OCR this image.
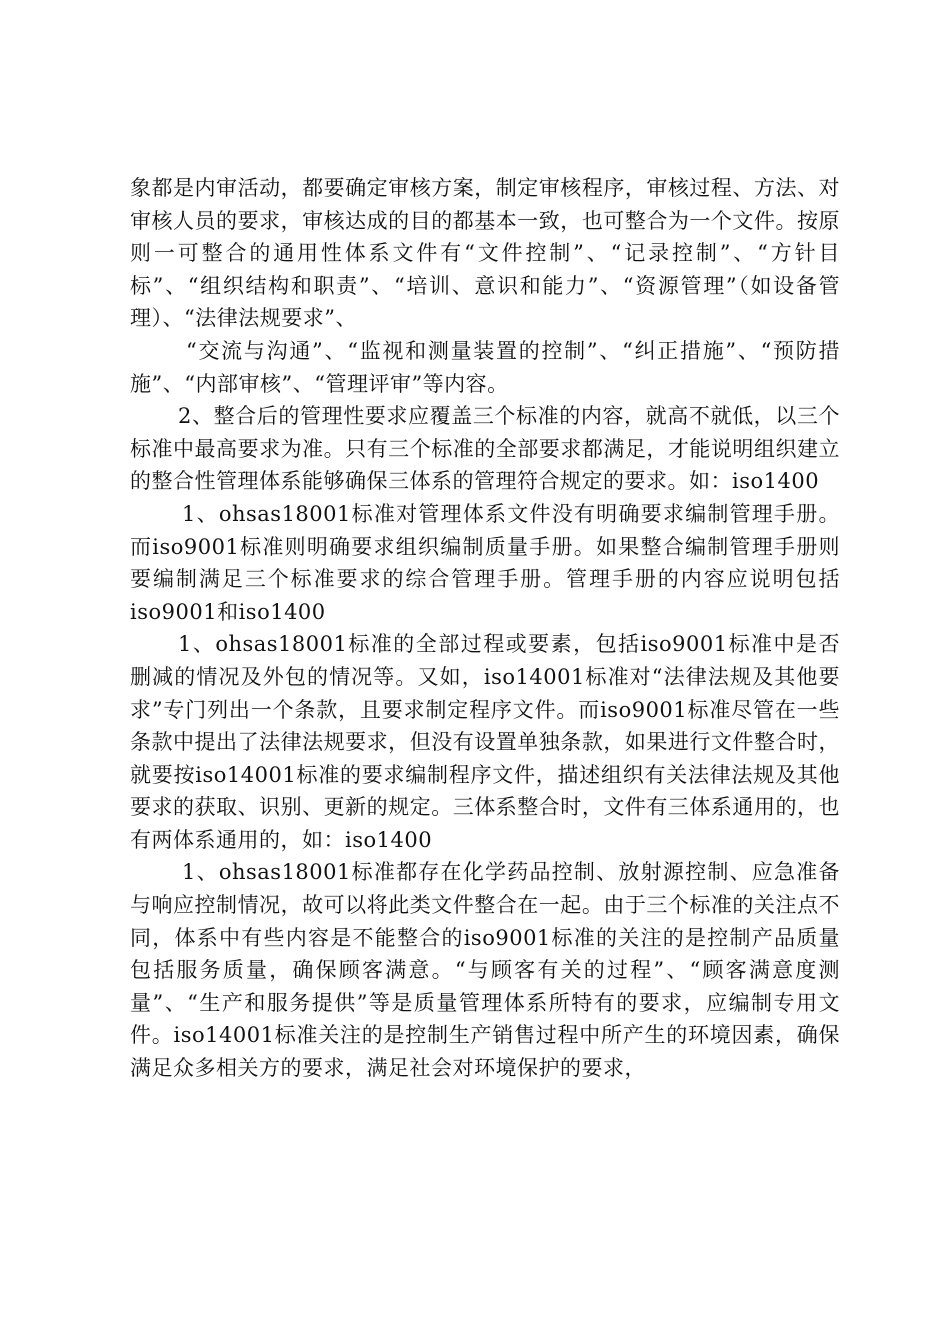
象都是内审活动，都要确定审核方案，制定审核程序，审核过程、方法、对审核人员的要求，审核达成的目的都基本一致，也可整合为一个文件。按原则一可整合的通用性体系文件有“文件控制”、“记录控制”、“方针目标”、“组织结构和职责”、“培训、意识和能力”、“资源管理”（如设备管理）、“法律法规要求”、

“交流与沟通”、“监视和测量装置的控制”、“纠正措施”、“预防措施”、“内部审核”、“管理评审”等内容。

2、整合后的管理性要求应覆盖三个标准的内容，就高不就低，以三个标准中最高要求为准。只有三个标准的全部要求都满足，才能说明组织建立的整合性管理体系能够确保三体系的管理符合规定的要求。如：iso1400

1、ohsas18001标准对管理体系文件没有明确要求编制管理手册。而iso9001标准则明确要求组织编制质量手册。如果整合编制管理手册则要编制满足三个标准要求的综合管理手册。管理手册的内容应说明包括iso9001和iso1400

1、ohsas18001标准的全部过程或要素，包括iso9001标准中是否删减的情况及外包的情况等。又如，iso14001标准对“法律法规及其他要求”专门列出一个条款，且要求制定程序文件。而iso9001标准尽管在一些条款中提出了法律法规要求，但没有设置单独条款，如果进行文件整合时，就要按iso14001标准的要求编制程序文件，描述组织有关法律法规及其他要求的获取、识别、更新的规定。三体系整合时，文件有三体系通用的，也有两体系通用的，如：iso1400

1、ohsas18001标准都存在化学药品控制、放射源控制、应急准备与响应控制情况，故可以将此类文件整合在一起。由于三个标准的关注点不同，体系中有些内容是不能整合的iso9001标准的关注的是控制产品质量包括服务质量，确保顾客满意。“与顾客有关的过程”、“顾客满意度测量”、“生产和服务提供”等是质量管理体系所特有的要求，应编制专用文件。iso14001标准关注的是控制生产销售过程中所产生的环境因素，确保满足众多相关方的要求，满足社会对环境保护的要求，
